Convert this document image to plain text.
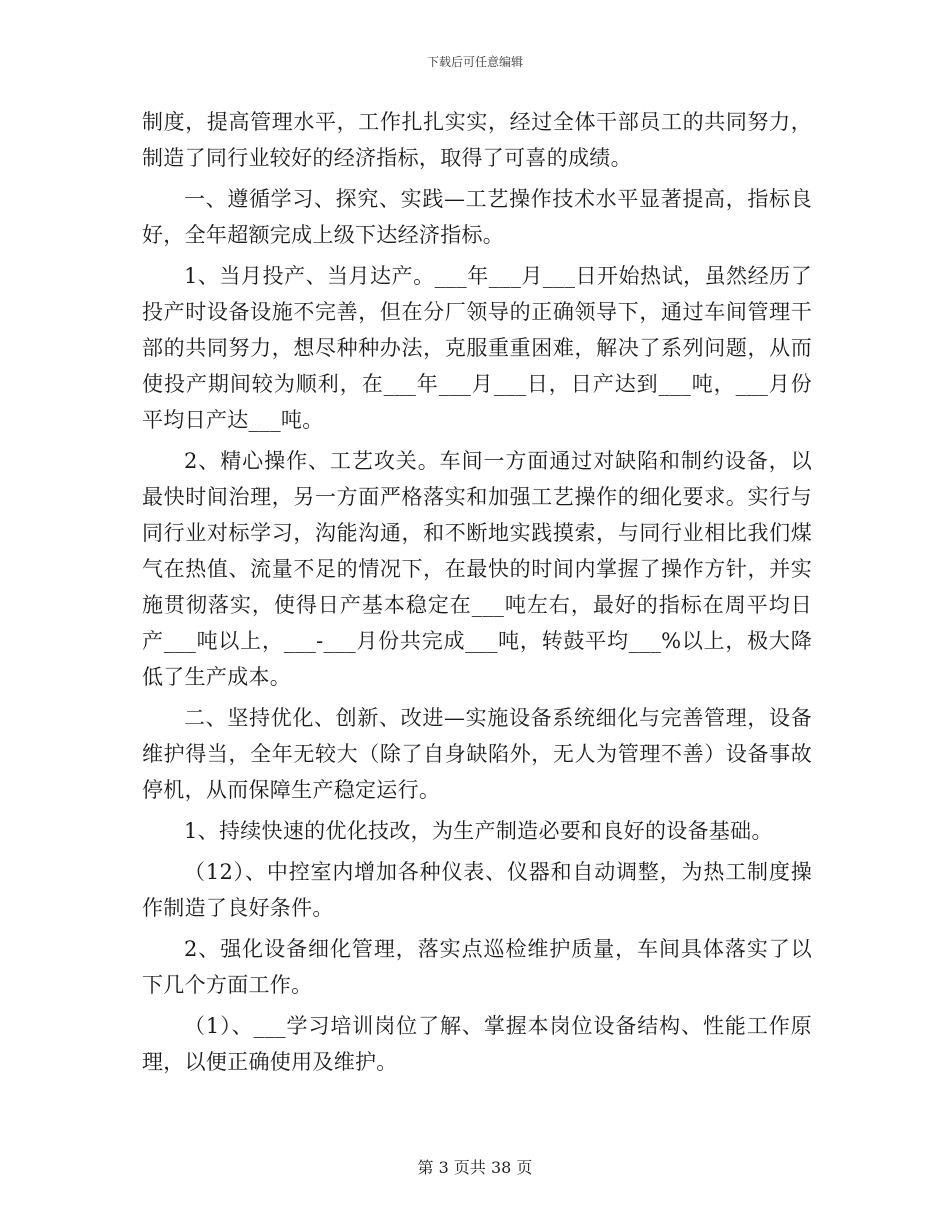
下载后可任意编辑

制度，提高管理水平，工作扎扎实实，经过全体干部员工的共同努力，制造了同行业较好的经济指标，取得了可喜的成绩。

一、遵循学习、探究、实践—工艺操作技术水平显著提高，指标良好，全年超额完成上级下达经济指标。

1、当月投产、当月达产。___年___月___日开始热试，虽然经历了投产时设备设施不完善，但在分厂领导的正确领导下，通过车间管理干部的共同努力，想尽种种办法，克服重重困难，解决了系列问题，从而使投产期间较为顺利，在___年___月___日，日产达到___吨，___月份平均日产达___吨。

2、精心操作、工艺攻关。车间一方面通过对缺陷和制约设备，以最快时间治理，另一方面严格落实和加强工艺操作的细化要求。实行与同行业对标学习，沟能沟通，和不断地实践摸索，与同行业相比我们煤气在热值、流量不足的情况下，在最快的时间内掌握了操作方针，并实施贯彻落实，使得日产基本稳定在___吨左右，最好的指标在周平均日产___吨以上，___-___月份共完成___吨，转鼓平均___%以上，极大降低了生产成本。

二、坚持优化、创新、改进—实施设备系统细化与完善管理，设备维护得当，全年无较大（除了自身缺陷外，无人为管理不善）设备事故停机，从而保障生产稳定运行。

1、持续快速的优化技改，为生产制造必要和良好的设备基础。

（12）、中控室内增加各种仪表、仪器和自动调整，为热工制度操作制造了良好条件。

2、强化设备细化管理，落实点巡检维护质量，车间具体落实了以下几个方面工作。

（1）、___学习培训岗位了解、掌握本岗位设备结构、性能工作原理，以便正确使用及维护。

第 3 页共 38 页
